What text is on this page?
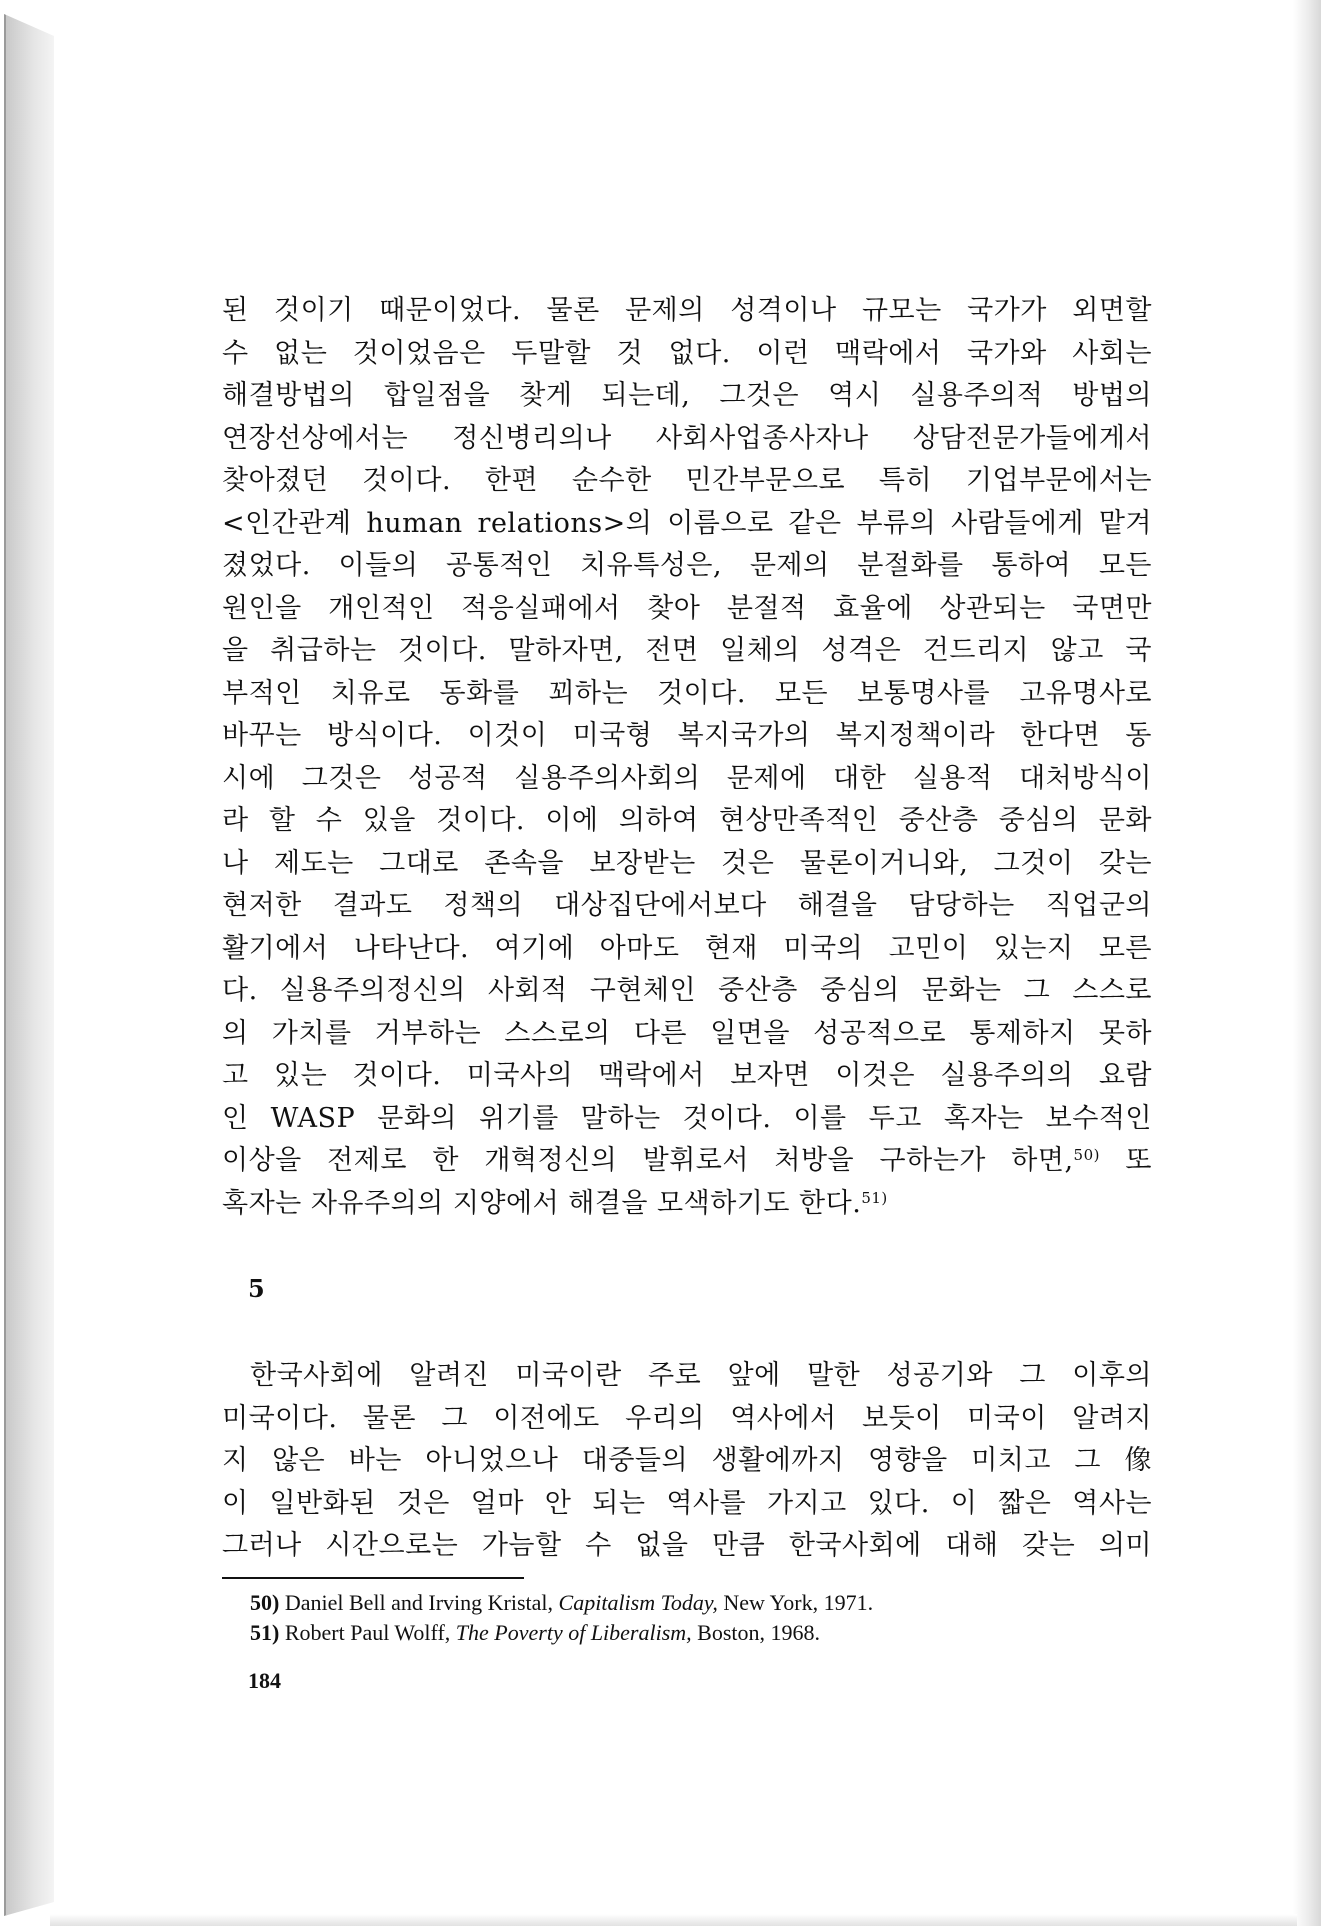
된 것이기 때문이었다. 물론 문제의 성격이나 규모는 국가가 외면할
수 없는 것이었음은 두말할 것 없다. 이런 맥락에서 국가와 사회는
해결방법의 합일점을 찾게 되는데, 그것은 역시 실용주의적 방법의
연장선상에서는 정신병리의나 사회사업종사자나 상담전문가들에게서
찾아졌던 것이다. 한편 순수한 민간부문으로 특히 기업부문에서는
<인간관계 human relations>의 이름으로 같은 부류의 사람들에게 맡겨
졌었다. 이들의 공통적인 치유특성은, 문제의 분절화를 통하여 모든
원인을 개인적인 적응실패에서 찾아 분절적 효율에 상관되는 국면만
을 취급하는 것이다. 말하자면, 전면 일체의 성격은 건드리지 않고 국
부적인 치유로 동화를 꾀하는 것이다. 모든 보통명사를 고유명사로
바꾸는 방식이다. 이것이 미국형 복지국가의 복지정책이라 한다면 동
시에 그것은 성공적 실용주의사회의 문제에 대한 실용적 대처방식이
라 할 수 있을 것이다. 이에 의하여 현상만족적인 중산층 중심의 문화
나 제도는 그대로 존속을 보장받는 것은 물론이거니와, 그것이 갖는
현저한 결과도 정책의 대상집단에서보다 해결을 담당하는 직업군의
활기에서 나타난다. 여기에 아마도 현재 미국의 고민이 있는지 모른
다. 실용주의정신의 사회적 구현체인 중산층 중심의 문화는 그 스스로
의 가치를 거부하는 스스로의 다른 일면을 성공적으로 통제하지 못하
고 있는 것이다. 미국사의 맥락에서 보자면 이것은 실용주의의 요람
인 WASP 문화의 위기를 말하는 것이다. 이를 두고 혹자는 보수적인
이상을 전제로 한 개혁정신의 발휘로서 처방을 구하는가 하면,$^{50)}$ 또
혹자는 자유주의의 지양에서 해결을 모색하기도 한다.$^{51)}$
5
한국사회에 알려진 미국이란 주로 앞에 말한 성공기와 그 이후의
미국이다. 물론 그 이전에도 우리의 역사에서 보듯이 미국이 알려지
지 않은 바는 아니었으나 대중들의 생활에까지 영향을 미치고 그 像
이 일반화된 것은 얼마 안 되는 역사를 가지고 있다. 이 짧은 역사는
그러나 시간으로는 가늠할 수 없을 만큼 한국사회에 대해 갖는 의미
50) Daniel Bell and Irving Kristal, Capitalism Today, New York, 1971.
51) Robert Paul Wolff, The Poverty of Liberalism, Boston, 1968.
184
